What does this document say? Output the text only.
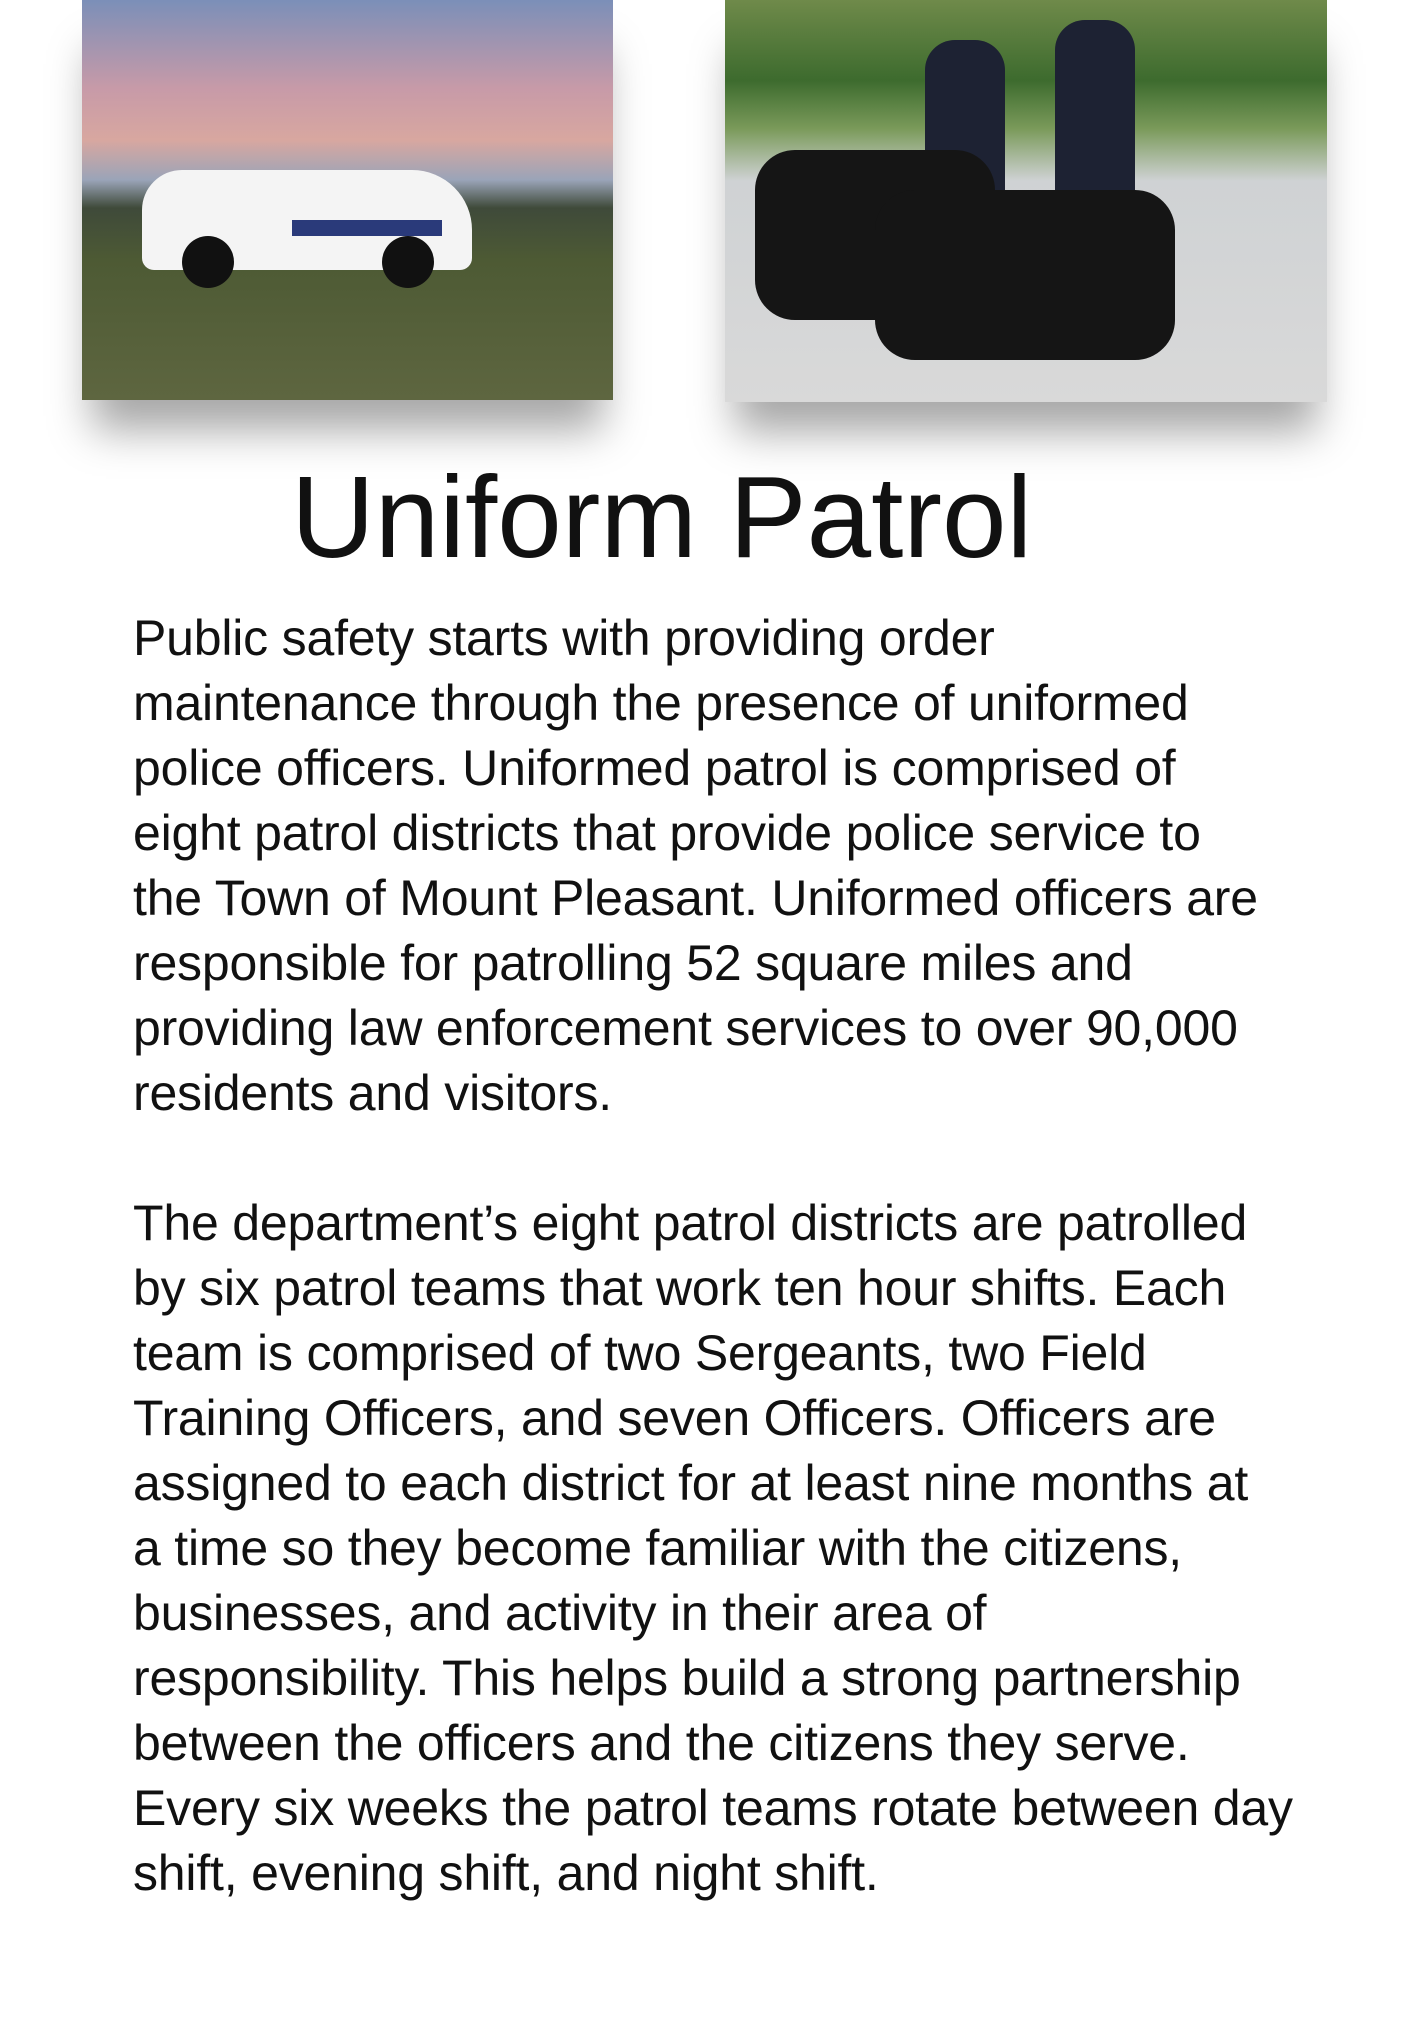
Uniform Patrol
Public safety starts with providing order
maintenance through the presence of uniformed
police officers. Uniformed patrol is comprised of
eight patrol districts that provide police service to
the Town of Mount Pleasant. Uniformed officers are
responsible for patrolling 52 square miles and
providing law enforcement services to over 90,000
residents and visitors.
The department’s eight patrol districts are patrolled
by six patrol teams that work ten hour shifts. Each
team is comprised of two Sergeants, two Field
Training Officers, and seven Officers. Officers are
assigned to each district for at least nine months at
a time so they become familiar with the citizens,
businesses, and activity in their area of
responsibility. This helps build a strong partnership
between the officers and the citizens they serve.
Every six weeks the patrol teams rotate between day
shift, evening shift, and night shift.
